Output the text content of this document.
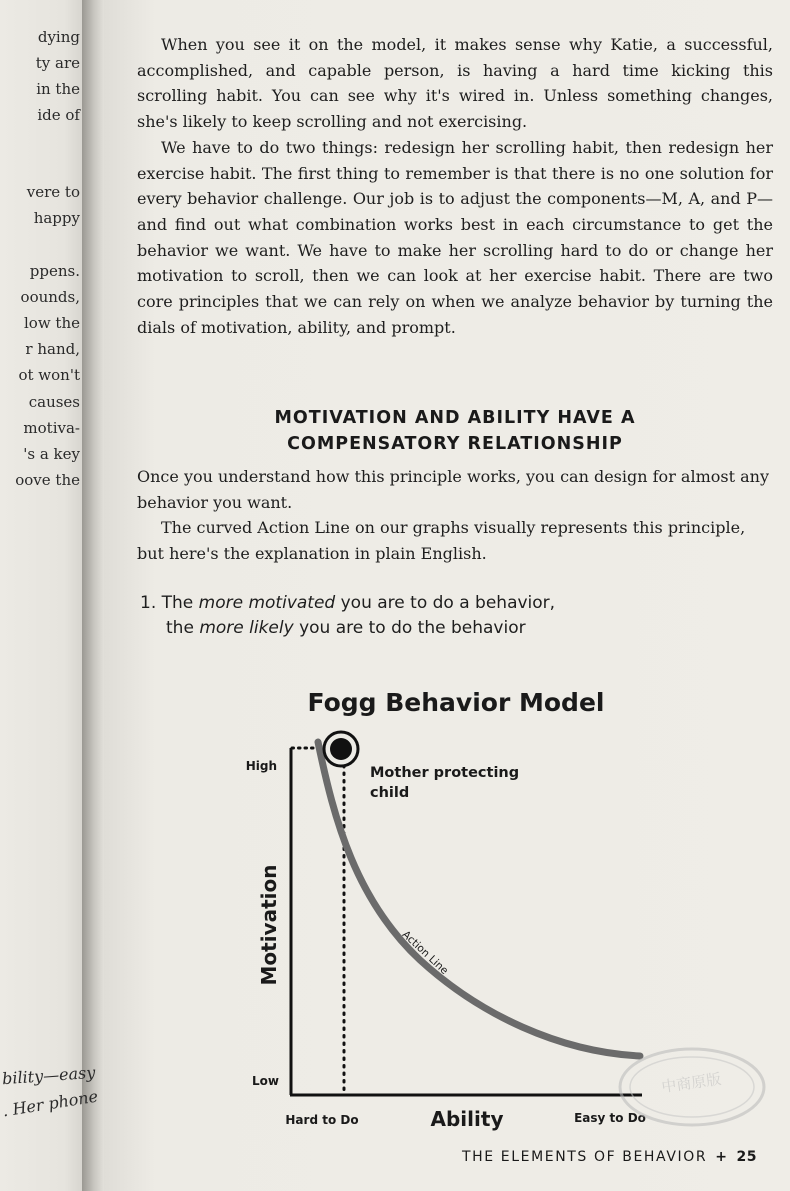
dying
ty are
in the
ide of
vere to
happy
ppens.
oounds,
low the
r hand,
ot won't
causes
motiva-
's a key
oove the
bility—easy
. Her phone

When you see it on the model, it makes sense why Katie, a successful, accomplished, and capable person, is having a hard time kicking this scrolling habit. You can see why it's wired in. Unless something changes, she's likely to keep scrolling and not exercising.

We have to do two things: redesign her scrolling habit, then redesign her exercise habit. The first thing to remember is that there is no one solution for every behavior challenge. Our job is to adjust the components—M, A, and P—and find out what combination works best in each circumstance to get the behavior we want. We have to make her scrolling hard to do or change her motivation to scroll, then we can look at her exercise habit. There are two core principles that we can rely on when we analyze behavior by turning the dials of motivation, ability, and prompt.

MOTIVATION AND ABILITY HAVE A
COMPENSATORY RELATIONSHIP

Once you understand how this principle works, you can design for almost any behavior you want.

The curved Action Line on our graphs visually represents this principle, but here's the explanation in plain English.

1. The more motivated you are to do a behavior,
the more likely you are to do the behavior
Fogg Behavior Model
Action Line
Mother protecting
child
High
Low
Motivation
Hard to Do	Easy to Do
Ability
中商原版
THE ELEMENTS OF BEHAVIOR + 25
